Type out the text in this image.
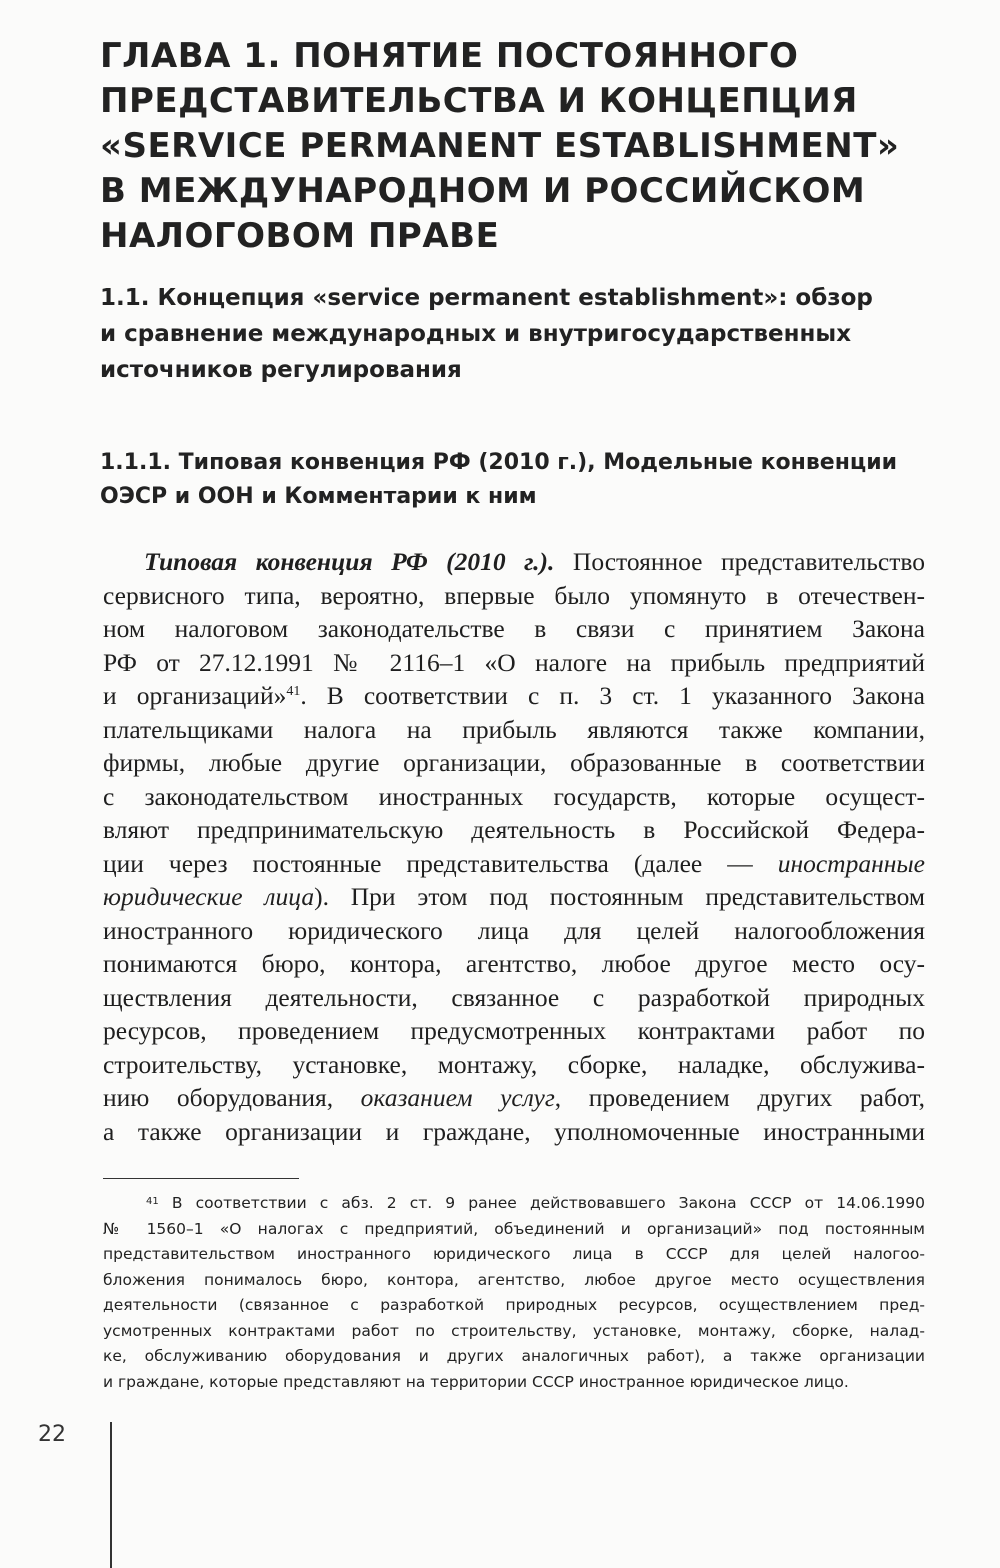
ГЛАВА 1. ПОНЯТИЕ ПОСТОЯННОГО
ПРЕДСТАВИТЕЛЬСТВА И КОНЦЕПЦИЯ
«SERVICE PERMANENT ESTABLISHMENT»
В МЕЖДУНАРОДНОМ И РОССИЙСКОМ
НАЛОГОВОМ ПРАВЕ
1.1. Концепция «service permanent establishment»: обзор
и сравнение международных и внутригосударственных
источников регулирования
1.1.1. Типовая конвенция РФ (2010 г.), Модельные конвенции
ОЭСР и ООН и Комментарии к ним
Типовая конвенция РФ (2010 г.). Постоянное представительство
сервисного типа, вероятно, впервые было упомянуто в отечествен-
ном налоговом законодательстве в связи с принятием Закона
РФ от 27.12.1991 № 2116–1 «О налоге на прибыль предприятий
и организаций»$^{41}$. В соответствии с п. 3 ст. 1 указанного Закона
плательщиками налога на прибыль являются также компании,
фирмы, любые другие организации, образованные в соответствии
с законодательством иностранных государств, которые осущест-
вляют предпринимательскую деятельность в Российской Федера-
ции через постоянные представительства (далее — иностранные
юридические лица). При этом под постоянным представительством
иностранного юридического лица для целей налогообложения
понимаются бюро, контора, агентство, любое другое место осу-
ществления деятельности, связанное с разработкой природных
ресурсов, проведением предусмотренных контрактами работ по
строительству, установке, монтажу, сборке, наладке, обслужива-
нию оборудования, оказанием услуг, проведением других работ,
а также организации и граждане, уполномоченные иностранными
$^{41}$ В соответствии с абз. 2 ст. 9 ранее действовавшего Закона СССР от 14.06.1990
№ 1560–1 «О налогах с предприятий, объединений и организаций» под постоянным
представительством иностранного юридического лица в СССР для целей налогоо-
бложения понималось бюро, контора, агентство, любое другое место осуществления
деятельности (связанное с разработкой природных ресурсов, осуществлением пред-
усмотренных контрактами работ по строительству, установке, монтажу, сборке, налад-
ке, обслуживанию оборудования и других аналогичных работ), а также организации
и граждане, которые представляют на территории СССР иностранное юридическое лицо.
22
